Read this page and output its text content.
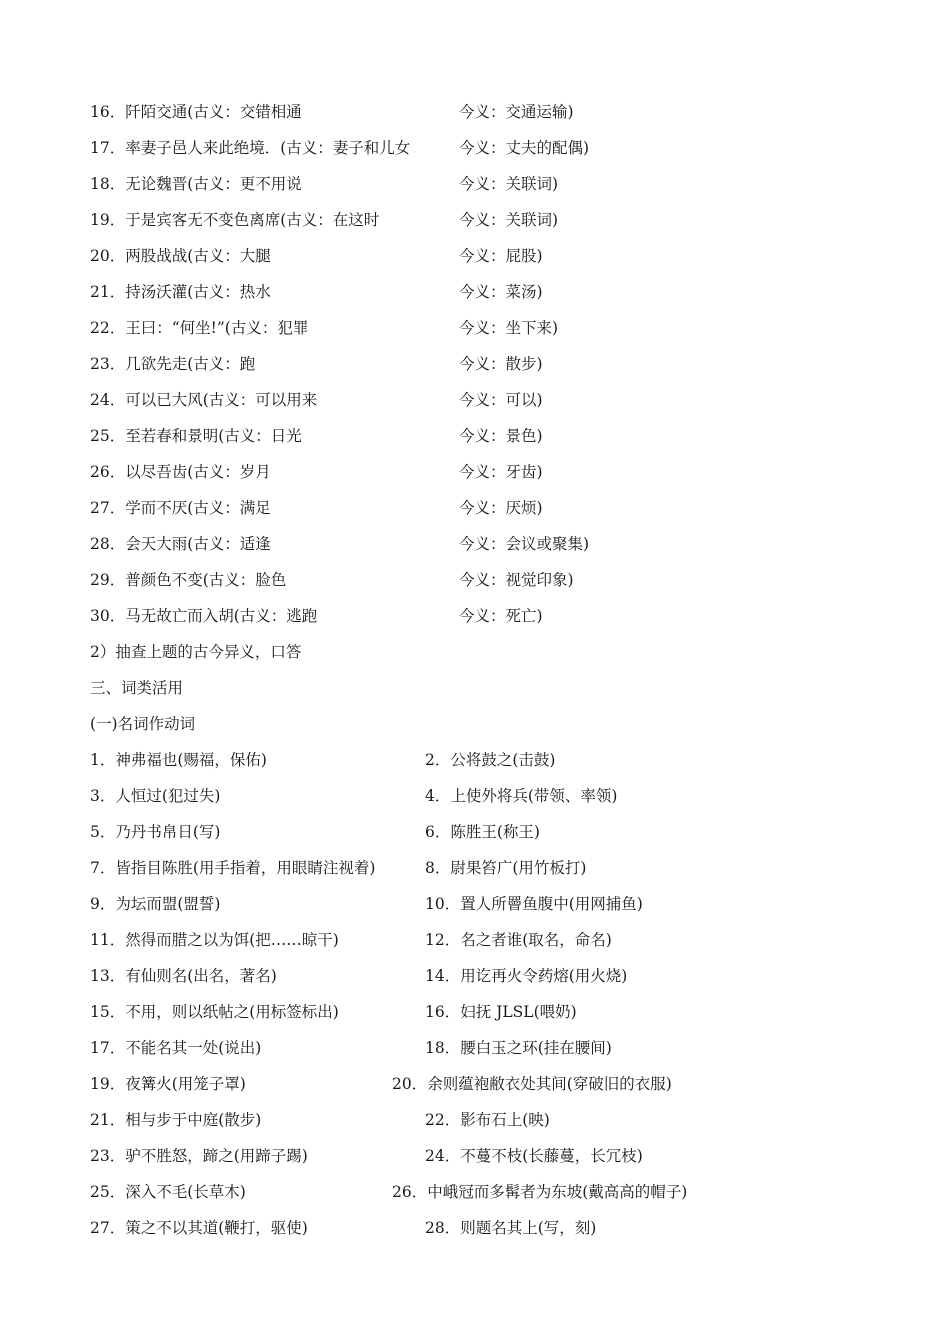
16．阡陌交通(古义：交错相通	今义：交通运输)
17．率妻子邑人来此绝境．(古义：妻子和儿女	今义：丈夫的配偶)
18．无论魏晋(古义：更不用说	今义：关联词)
19．于是宾客无不变色离席(古义：在这时	今义：关联词)
20．两股战战(古义：大腿	今义：屁股)
21．持汤沃灌(古义：热水	今义：菜汤)
22．王曰：“何坐!”(古义：犯罪	今义：坐下来)
23．几欲先走(古义：跑	今义：散步)
24．可以已大风(古义：可以用来	今义：可以)
25．至若春和景明(古义：日光	今义：景色)
26．以尽吾齿(古义：岁月	今义：牙齿)
27．学而不厌(古义：满足	今义：厌烦)
28．会天大雨(古义：适逢	今义：会议或聚集)
29．普颜色不变(古义：脸色	今义：视觉印象)
30．马无故亡而入胡(古义：逃跑	今义：死亡)
2）抽查上题的古今异义，口答
三、词类活用
(一)名词作动词
1．神弗福也(赐福，保佑)	2．公将鼓之(击鼓)
3．人恒过(犯过失)	4．上使外将兵(带领、率领)
5．乃丹书帛日(写)	6．陈胜王(称王)
7．皆指目陈胜(用手指着，用眼睛注视着)	8．尉果笞广(用竹板打)
9．为坛而盟(盟誓)	10．置人所罾鱼腹中(用网捕鱼)
11．然得而腊之以为饵(把……晾干)	12．名之者谁(取名，命名)
13．有仙则名(出名，著名)	14．用讫再火令药熔(用火烧)
15．不用，则以纸帖之(用标签标出)	16．妇抚 JLSL(喂奶)
17．不能名其一处(说出)	18．腰白玉之环(挂在腰间)
19．夜篝火(用笼子罩)	20．余则蕴袍敝衣处其间(穿破旧的衣服)
21．相与步于中庭(散步)	22．影布石上(映)
23．驴不胜怒，蹄之(用蹄子踢)	24．不蔓不枝(长藤蔓，长冗枝)
25．深入不毛(长草木)	26．中峨冠而多髯者为东坡(戴高高的帽子)
27．策之不以其道(鞭打，驱使)	28．则题名其上(写，刻)
